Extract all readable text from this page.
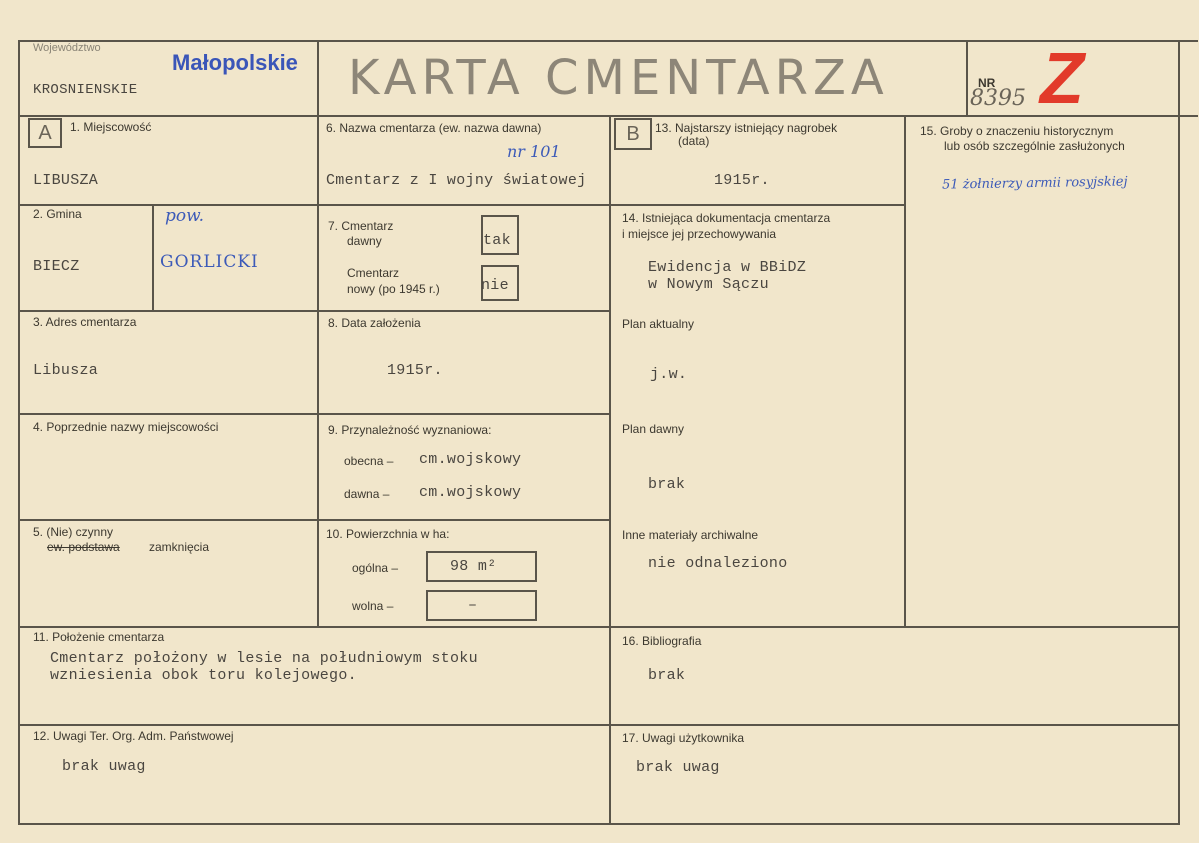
Województwo
Małopolskie
KROSNIENSKIE	KARTA CMENTARZA	NR
8395 Z
A	B
1. Miejscowość
LIBUSZA
6. Nazwa cmentarza (ew. nazwa dawna)
nr 101
Cmentarz z I wojny światowej
13. Najstarszy istniejący nagrobek
(data)
1915r.
15. Groby o znaczeniu historycznym
lub osób szczególnie zasłużonych
51 żołnierzy armii rosyjskiej
2. Gmina	pow.
BIECZ	GORLICKI
7. Cmentarz
dawny	tak
Cmentarz
nowy (po 1945 r.)	nie
14. Istniejąca dokumentacja cmentarza
i miejsce jej przechowywania
Ewidencja w BBiDZ
w Nowym Sączu
Plan aktualny
j.w.
Plan dawny
brak
Inne materiały archiwalne
nie odnaleziono
3. Adres cmentarza
Libusza
8. Data założenia
1915r.
4. Poprzednie nazwy miejscowości	9. Przynależność wyznaniowa:
obecna – cm.wojskowy
dawna – cm.wojskowy
5. (Nie) czynny
ew. podstawa zamknięcia
10. Powierzchnia w ha:
ogólna –	98 m²
wolna –	–
11. Położenie cmentarza
Cmentarz położony w lesie na południowym stoku
wzniesienia obok toru kolejowego.
16. Bibliografia
brak
12. Uwagi Ter. Org. Adm. Państwowej
brak uwag
17. Uwagi użytkownika
brak uwag
